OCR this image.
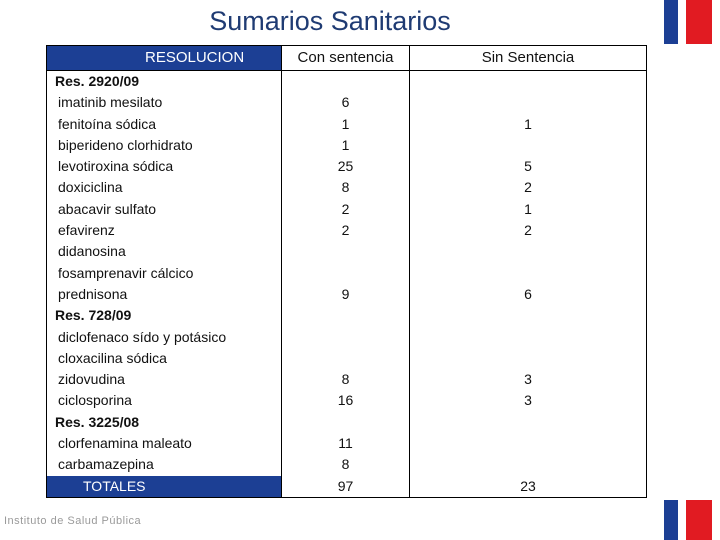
Sumarios Sanitarios
RESOLUCION	Con sentencia	Sin Sentencia
Res. 2920/09		
imatinib mesilato	6	
fenitoína sódica	1	1
biperideno clorhidrato	1	
levotiroxina sódica	25	5
doxiciclina	8	2
abacavir sulfato	2	1
efavirenz	2	2
didanosina		
fosamprenavir cálcico		
prednisona	9	6
Res. 728/09		
diclofenaco sído y potásico		
cloxacilina sódica		
zidovudina	8	3
ciclosporina	16	3
Res. 3225/08		
clorfenamina maleato	11	
carbamazepina	8	
TOTALES	97	23
Instituto de Salud Pública
